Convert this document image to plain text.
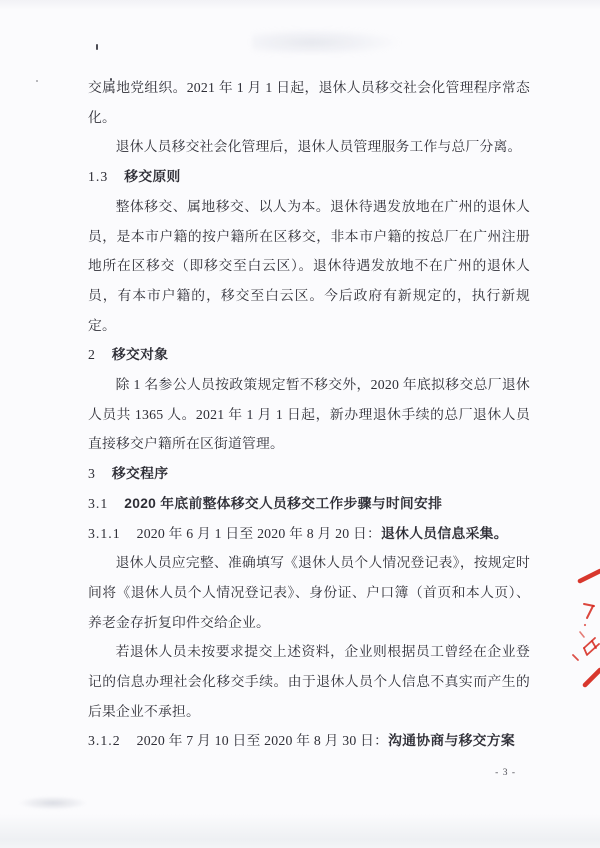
交属地党组织。2021 年 1 月 1 日起，退休人员移交社会化管理程序常态化。

退休人员移交社会化管理后，退休人员管理服务工作与总厂分离。

1.3 移交原则

整体移交、属地移交、以人为本。退休待遇发放地在广州的退休人员，是本市户籍的按户籍所在区移交，非本市户籍的按总厂在广州注册地所在区移交（即移交至白云区）。退休待遇发放地不在广州的退休人员，有本市户籍的，移交至白云区。今后政府有新规定的，执行新规定。

2 移交对象

除 1 名参公人员按政策规定暂不移交外，2020 年底拟移交总厂退休人员共 1365 人。2021 年 1 月 1 日起，新办理退休手续的总厂退休人员直接移交户籍所在区街道管理。

3 移交程序
3.1 2020 年底前整体移交人员移交工作步骤与时间安排
3.1.1 2020 年 6 月 1 日至 2020 年 8 月 20 日：退休人员信息采集。

退休人员应完整、准确填写《退休人员个人情况登记表》，按规定时间将《退休人员个人情况登记表》、身份证、户口簿（首页和本人页）、养老金存折复印件交给企业。

若退休人员未按要求提交上述资料，企业则根据员工曾经在企业登记的信息办理社会化移交手续。由于退休人员个人信息不真实而产生的后果企业不承担。

3.1.2 2020 年 7 月 10 日至 2020 年 8 月 30 日：沟通协商与移交方案
- 3 -
